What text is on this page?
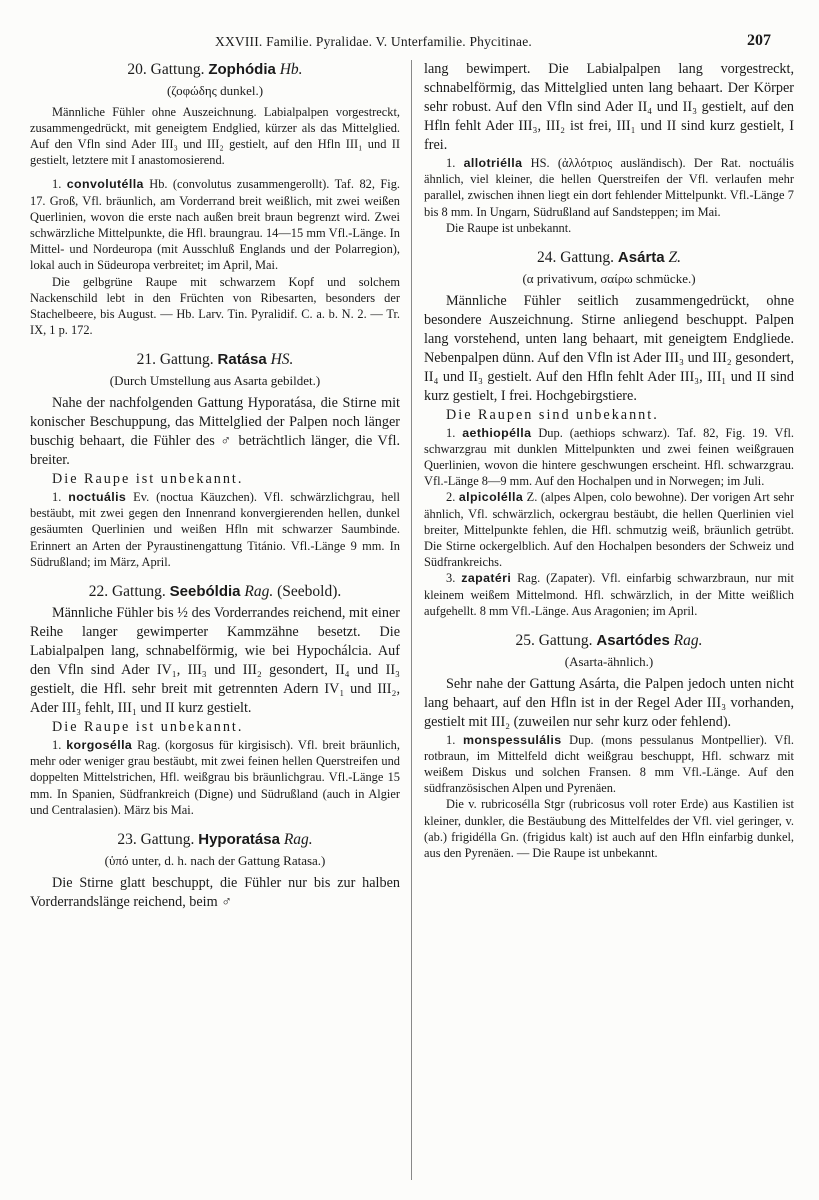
XXVIII. Familie. Pyralidae. V. Unterfamilie. Phycitinae.	207
20. Gattung. Zophódia Hb.
(ζοφώδης dunkel.)

Männliche Fühler ohne Auszeichnung. Labialpalpen vorgestreckt, zusammengedrückt, mit geneigtem Endglied, kürzer als das Mittelglied. Auf den Vfln sind Ader III₃ und III₂ gestielt, auf den Hfln III₁ und II gestielt, letztere mit I anastomosierend.

1. convolutélla Hb. (convolutus zusammengerollt). Taf. 82, Fig. 17. Groß, Vfl. bräunlich, am Vorderrand breit weißlich, mit zwei weißen Querlinien, wovon die erste nach außen breit braun begrenzt wird. Zwei schwärzliche Mittelpunkte, die Hfl. braungrau. 14—15 mm Vfl.-Länge. In Mittel- und Nordeuropa (mit Ausschluß Englands und der Polarregion), lokal auch in Südeuropa verbreitet; im April, Mai.

Die gelbgrüne Raupe mit schwarzem Kopf und solchem Nackenschild lebt in den Früchten von Ribesarten, besonders der Stachelbeere, bis August. — Hb. Larv. Tin. Pyralidif. C. a. b. N. 2. — Tr. IX, 1 p. 172.

21. Gattung. Ratása HS.
(Durch Umstellung aus Asarta gebildet.)

Nahe der nachfolgenden Gattung Hyporatása, die Stirne mit konischer Beschuppung, das Mittelglied der Palpen noch länger buschig behaart, die Fühler des ♂ beträchtlich länger, die Vfl. breiter.

Die Raupe ist unbekannt.

1. noctuális Ev. (noctua Käuzchen). Vfl. schwärzlichgrau, hell bestäubt, mit zwei gegen den Innenrand konvergierenden hellen, dunkel gesäumten Querlinien und weißen Hfln mit schwarzer Saumbinde. Erinnert an Arten der Pyraustinengattung Titánio. Vfl.-Länge 9 mm. In Südrußland; im März, April.

22. Gattung. Seebóldia Rag. (Seebold).

Männliche Fühler bis ½ des Vorderrandes reichend, mit einer Reihe langer gewimperter Kammzähne besetzt. Die Labialpalpen lang, schnabelförmig, wie bei Hypochálcia. Auf den Vfln sind Ader IV₁, III₃ und III₂ gesondert, II₄ und II₃ gestielt, die Hfl. sehr breit mit getrennten Adern IV₁ und III₂, Ader III₃ fehlt, III₁ und II kurz gestielt.

Die Raupe ist unbekannt.

1. korgosélla Rag. (korgosus für kirgisisch). Vfl. breit bräunlich, mehr oder weniger grau bestäubt, mit zwei feinen hellen Querstreifen und doppelten Mittelstrichen, Hfl. weißgrau bis bräunlichgrau. Vfl.-Länge 15 mm. In Spanien, Südfrankreich (Digne) und Südrußland (auch in Algier und Centralasien). März bis Mai.

23. Gattung. Hyporatása Rag.
(ὑπό unter, d. h. nach der Gattung Ratasa.)

Die Stirne glatt beschuppt, die Fühler nur bis zur halben Vorderrandslänge reichend, beim ♂

lang bewimpert. Die Labialpalpen lang vorgestreckt, schnabelförmig, das Mittelglied unten lang behaart. Der Körper sehr robust. Auf den Vfln sind Ader II₄ und II₃ gestielt, auf den Hfln fehlt Ader III₃, III₂ ist frei, III₁ und II sind kurz gestielt, I frei.

1. allotriélla HS. (ἀλλότριος ausländisch). Der Rat. noctuális ähnlich, viel kleiner, die hellen Querstreifen der Vfl. verlaufen mehr parallel, zwischen ihnen liegt ein dort fehlender Mittelpunkt. Vfl.-Länge 7 bis 8 mm. In Ungarn, Südrußland auf Sandsteppen; im Mai.

Die Raupe ist unbekannt.

24. Gattung. Asárta Z.
(α privativum, σαίρω schmücke.)

Männliche Fühler seitlich zusammengedrückt, ohne besondere Auszeichnung. Stirne anliegend beschuppt. Palpen lang vorstehend, unten lang behaart, mit geneigtem Endgliede. Nebenpalpen dünn. Auf den Vfln ist Ader III₃ und III₂ gesondert, II₄ und II₃ gestielt. Auf den Hfln fehlt Ader III₃, III₁ und II sind kurz gestielt, I frei. Hochgebirgstiere.

Die Raupen sind unbekannt.

1. aethiopélla Dup. (aethiops schwarz). Taf. 82, Fig. 19. Vfl. schwarzgrau mit dunklen Mittelpunkten und zwei feinen weißgrauen Querlinien, wovon die hintere geschwungen erscheint. Hfl. schwarzgrau. Vfl.-Länge 8—9 mm. Auf den Hochalpen und in Norwegen; im Juli.

2. alpicolélla Z. (alpes Alpen, colo bewohne). Der vorigen Art sehr ähnlich, Vfl. schwärzlich, ockergrau bestäubt, die hellen Querlinien viel breiter, Mittelpunkte fehlen, die Hfl. schmutzig weiß, bräunlich getrübt. Die Stirne ockergelblich. Auf den Hochalpen besonders der Schweiz und Südfrankreichs.

3. zapatéri Rag. (Zapater). Vfl. einfarbig schwarzbraun, nur mit kleinem weißem Mittelmond. Hfl. schwärzlich, in der Mitte weißlich aufgehellt. 8 mm Vfl.-Länge. Aus Aragonien; im April.

25. Gattung. Asartódes Rag.
(Asarta-ähnlich.)

Sehr nahe der Gattung Asárta, die Palpen jedoch unten nicht lang behaart, auf den Hfln ist in der Regel Ader III₃ vorhanden, gestielt mit III₂ (zuweilen nur sehr kurz oder fehlend).

1. monspessulális Dup. (mons pessulanus Montpellier). Vfl. rotbraun, im Mittelfeld dicht weißgrau beschuppt, Hfl. schwarz mit weißem Diskus und solchen Fransen. 8 mm Vfl.-Länge. Auf den südfranzösischen Alpen und Pyrenäen.

Die v. rubricosélla Stgr (rubricosus voll roter Erde) aus Kastilien ist kleiner, dunkler, die Bestäubung des Mittelfeldes der Vfl. viel geringer, v. (ab.) frigidélla Gn. (frigidus kalt) ist auch auf den Hfln einfarbig dunkel, aus den Pyrenäen. — Die Raupe ist unbekannt.
